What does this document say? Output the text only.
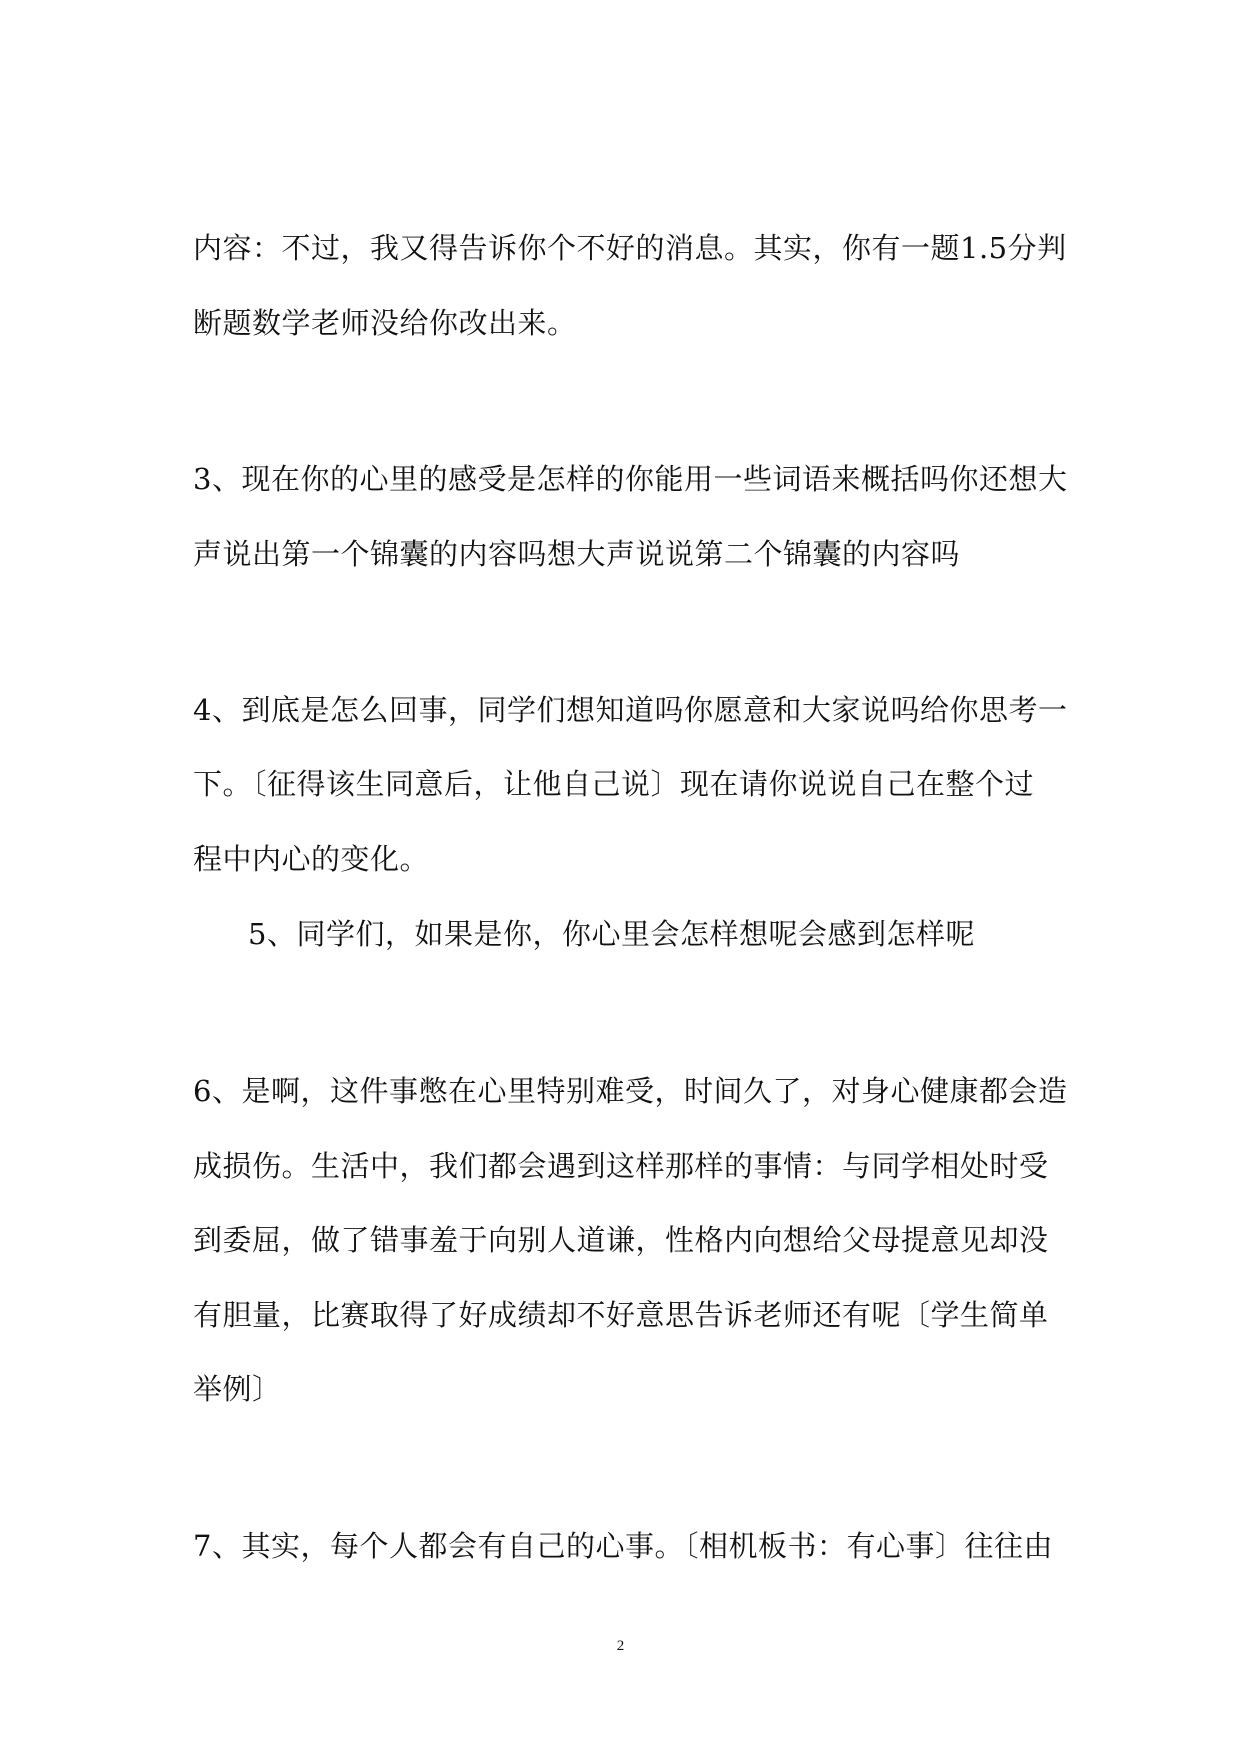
内容：不过，我又得告诉你个不好的消息。其实，你有一题1.5分判
断题数学老师没给你改出来。
3、现在你的心里的感受是怎样的你能用一些词语来概括吗你还想大
声说出第一个锦囊的内容吗想大声说说第二个锦囊的内容吗
4、到底是怎么回事，同学们想知道吗你愿意和大家说吗给你思考一
下。〔征得该生同意后，让他自己说〕现在请你说说自己在整个过
程中内心的变化。
5、同学们，如果是你，你心里会怎样想呢会感到怎样呢
6、是啊，这件事憋在心里特别难受，时间久了，对身心健康都会造
成损伤。生活中，我们都会遇到这样那样的事情：与同学相处时受
到委屈，做了错事羞于向别人道谦，性格内向想给父母提意见却没
有胆量，比赛取得了好成绩却不好意思告诉老师还有呢〔学生简单
举例〕
7、其实，每个人都会有自己的心事。〔相机板书：有心事〕往往由
2
